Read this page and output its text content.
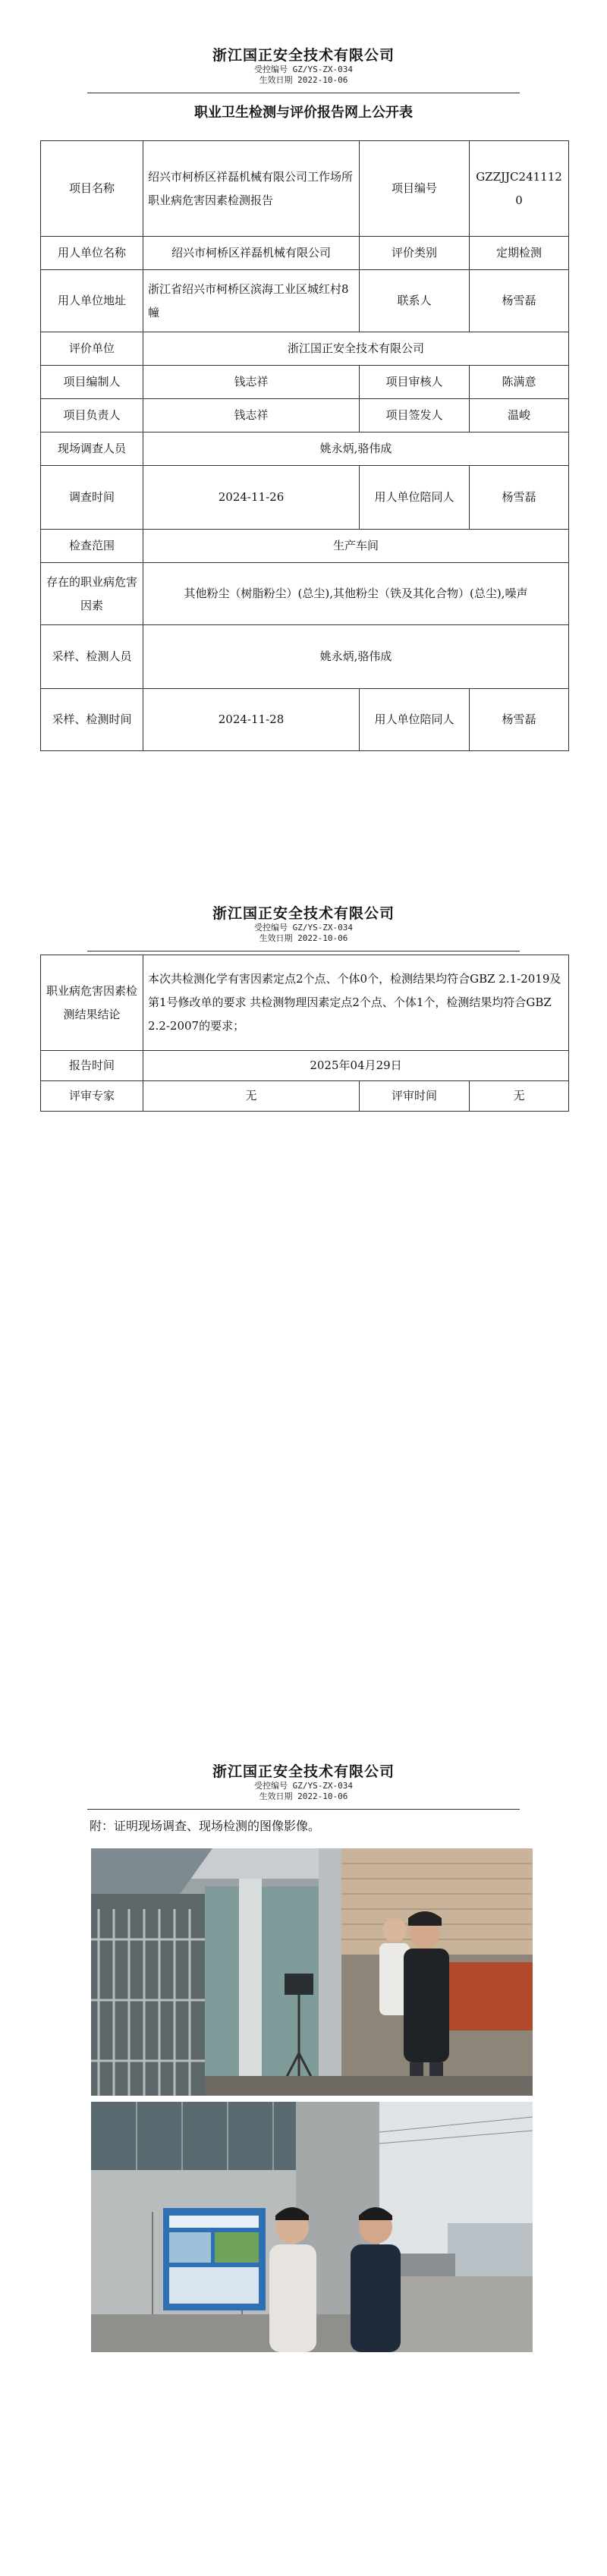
浙江国正安全技术有限公司
受控编号 GZ/YS-ZX-034
生效日期 2022-10-06
职业卫生检测与评价报告网上公开表
项目名称	绍兴市柯桥区祥磊机械有限公司工作场所职业病危害因素检测报告	项目编号	GZZJJC2411120
用人单位名称	绍兴市柯桥区祥磊机械有限公司	评价类别	定期检测
用人单位地址	浙江省绍兴市柯桥区滨海工业区城红村8幢	联系人	杨雪磊
评价单位	浙江国正安全技术有限公司		
项目编制人	钱志祥	项目审核人	陈满意
项目负责人	钱志祥	项目签发人	温峻
现场调查人员	姚永炳,骆伟成		
调查时间	2024-11-26	用人单位陪同人	杨雪磊
检查范围	生产车间		
存在的职业病危害因素	其他粉尘（树脂粉尘）(总尘),其他粉尘（铁及其化合物）(总尘),噪声		
采样、检测人员	姚永炳,骆伟成		
采样、检测时间	2024-11-28	用人单位陪同人	杨雪磊
浙江国正安全技术有限公司
受控编号 GZ/YS-ZX-034
生效日期 2022-10-06
职业病危害因素检测结果结论	本次共检测化学有害因素定点2个点、个体0个，检测结果均符合GBZ 2.1-2019及第1号修改单的要求 共检测物理因素定点2个点、个体1个，检测结果均符合GBZ 2.2-2007的要求；		
报告时间	2025年04月29日		
评审专家	无	评审时间	无
浙江国正安全技术有限公司
受控编号 GZ/YS-ZX-034
生效日期 2022-10-06
附：证明现场调查、现场检测的图像影像。
